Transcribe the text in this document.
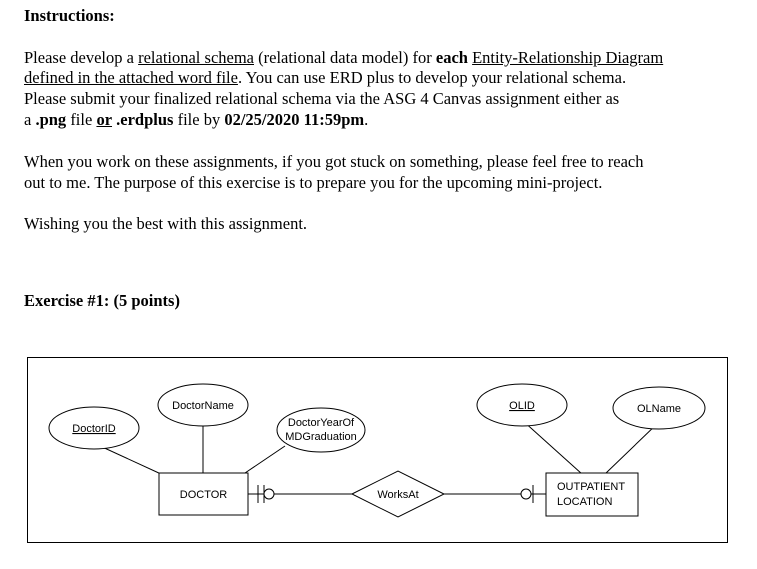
Instructions:
Please develop a relational schema (relational data model) for each Entity-Relationship Diagram
defined in the attached word file. You can use ERD plus to develop your relational schema.
Please submit your finalized relational schema via the ASG 4 Canvas assignment either as
a .png file or .erdplus file by 02/25/2020 11:59pm.
When you work on these assignments, if you got stuck on something, please feel free to reach
out to me. The purpose of this exercise is to prepare you for the upcoming mini-project.
Wishing you the best with this assignment.
Exercise #1: (5 points)
DoctorID
DoctorName
DoctorYearOf
MDGraduation
OLID	OLName
DOCTOR
OUTPATIENT
LOCATION
WorksAt
